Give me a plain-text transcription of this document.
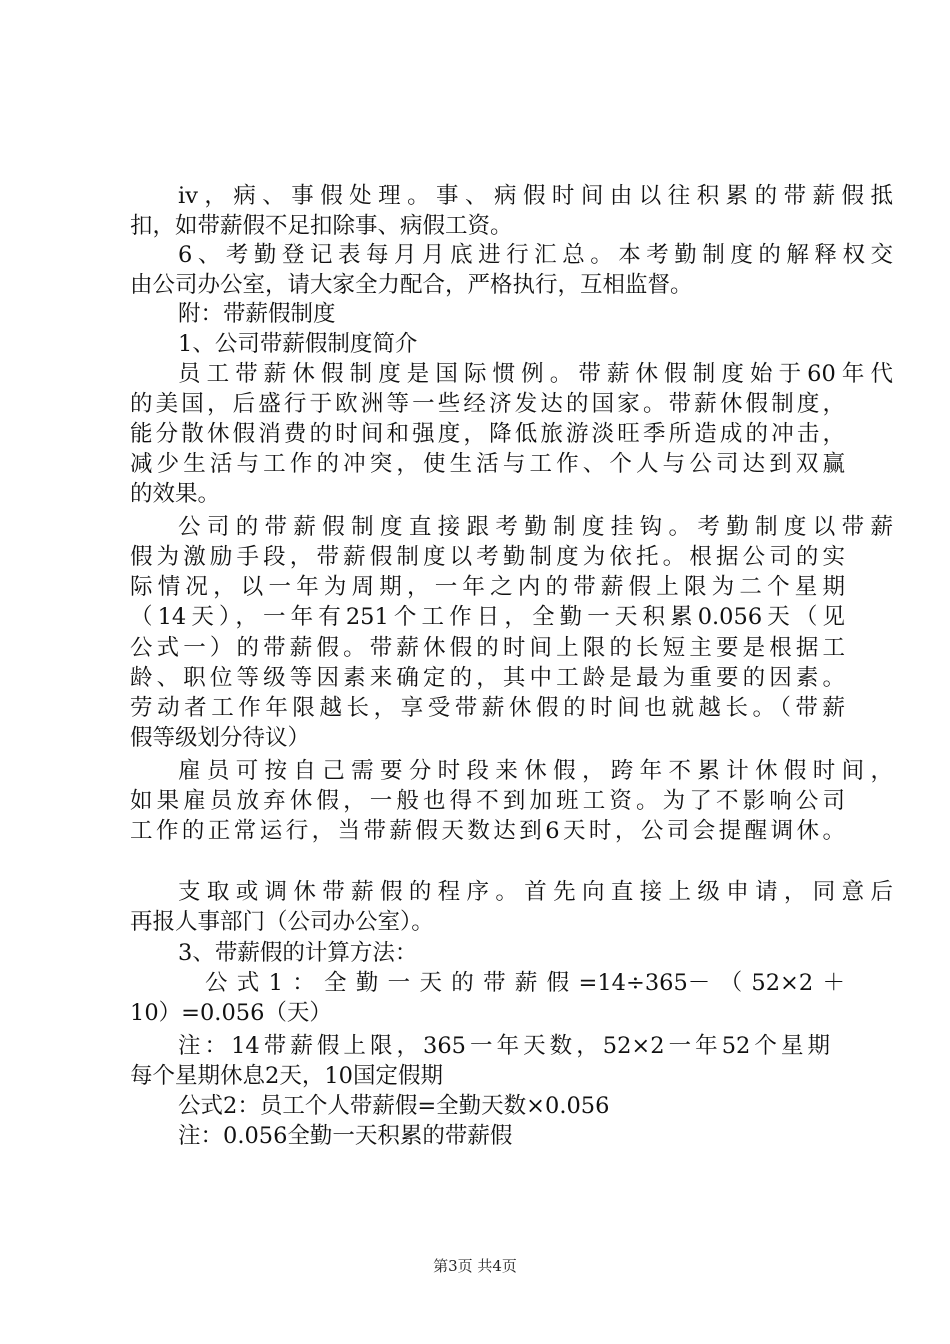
iv，病、事假处理。事、病假时间由以往积累的带薪假抵
扣，如带薪假不足扣除事、病假工资。
6、考勤登记表每月月底进行汇总。本考勤制度的解释权交
由公司办公室，请大家全力配合，严格执行，互相监督。
附：带薪假制度
1、公司带薪假制度简介
员工带薪休假制度是国际惯例。带薪休假制度始于60年代
的美国，后盛行于欧洲等一些经济发达的国家。带薪休假制度，
能分散休假消费的时间和强度，降低旅游淡旺季所造成的冲击，
减少生活与工作的冲突，使生活与工作、个人与公司达到双赢
的效果。
公司的带薪假制度直接跟考勤制度挂钩。考勤制度以带薪
假为激励手段，带薪假制度以考勤制度为依托。根据公司的实
际情况，以一年为周期，一年之内的带薪假上限为二个星期
（14天），一年有251个工作日，全勤一天积累0.056天（见
公式一）的带薪假。带薪休假的时间上限的长短主要是根据工
龄、职位等级等因素来确定的，其中工龄是最为重要的因素。
劳动者工作年限越长，享受带薪休假的时间也就越长。（带薪
假等级划分待议）
雇员可按自己需要分时段来休假，跨年不累计休假时间，
如果雇员放弃休假，一般也得不到加班工资。为了不影响公司
工作的正常运行，当带薪假天数达到6天时，公司会提醒调休。
支取或调休带薪假的程序。首先向直接上级申请，同意后
再报人事部门（公司办公室）。
3、带薪假的计算方法：
公式1：全勤一天的带薪假=14÷365－（52×2＋
10）=0.056（天）
注：14带薪假上限，365一年天数，52×2一年52个星期
每个星期休息2天，10国定假期
公式2：员工个人带薪假=全勤天数×0.056
注：0.056全勤一天积累的带薪假
第3页 共4页
